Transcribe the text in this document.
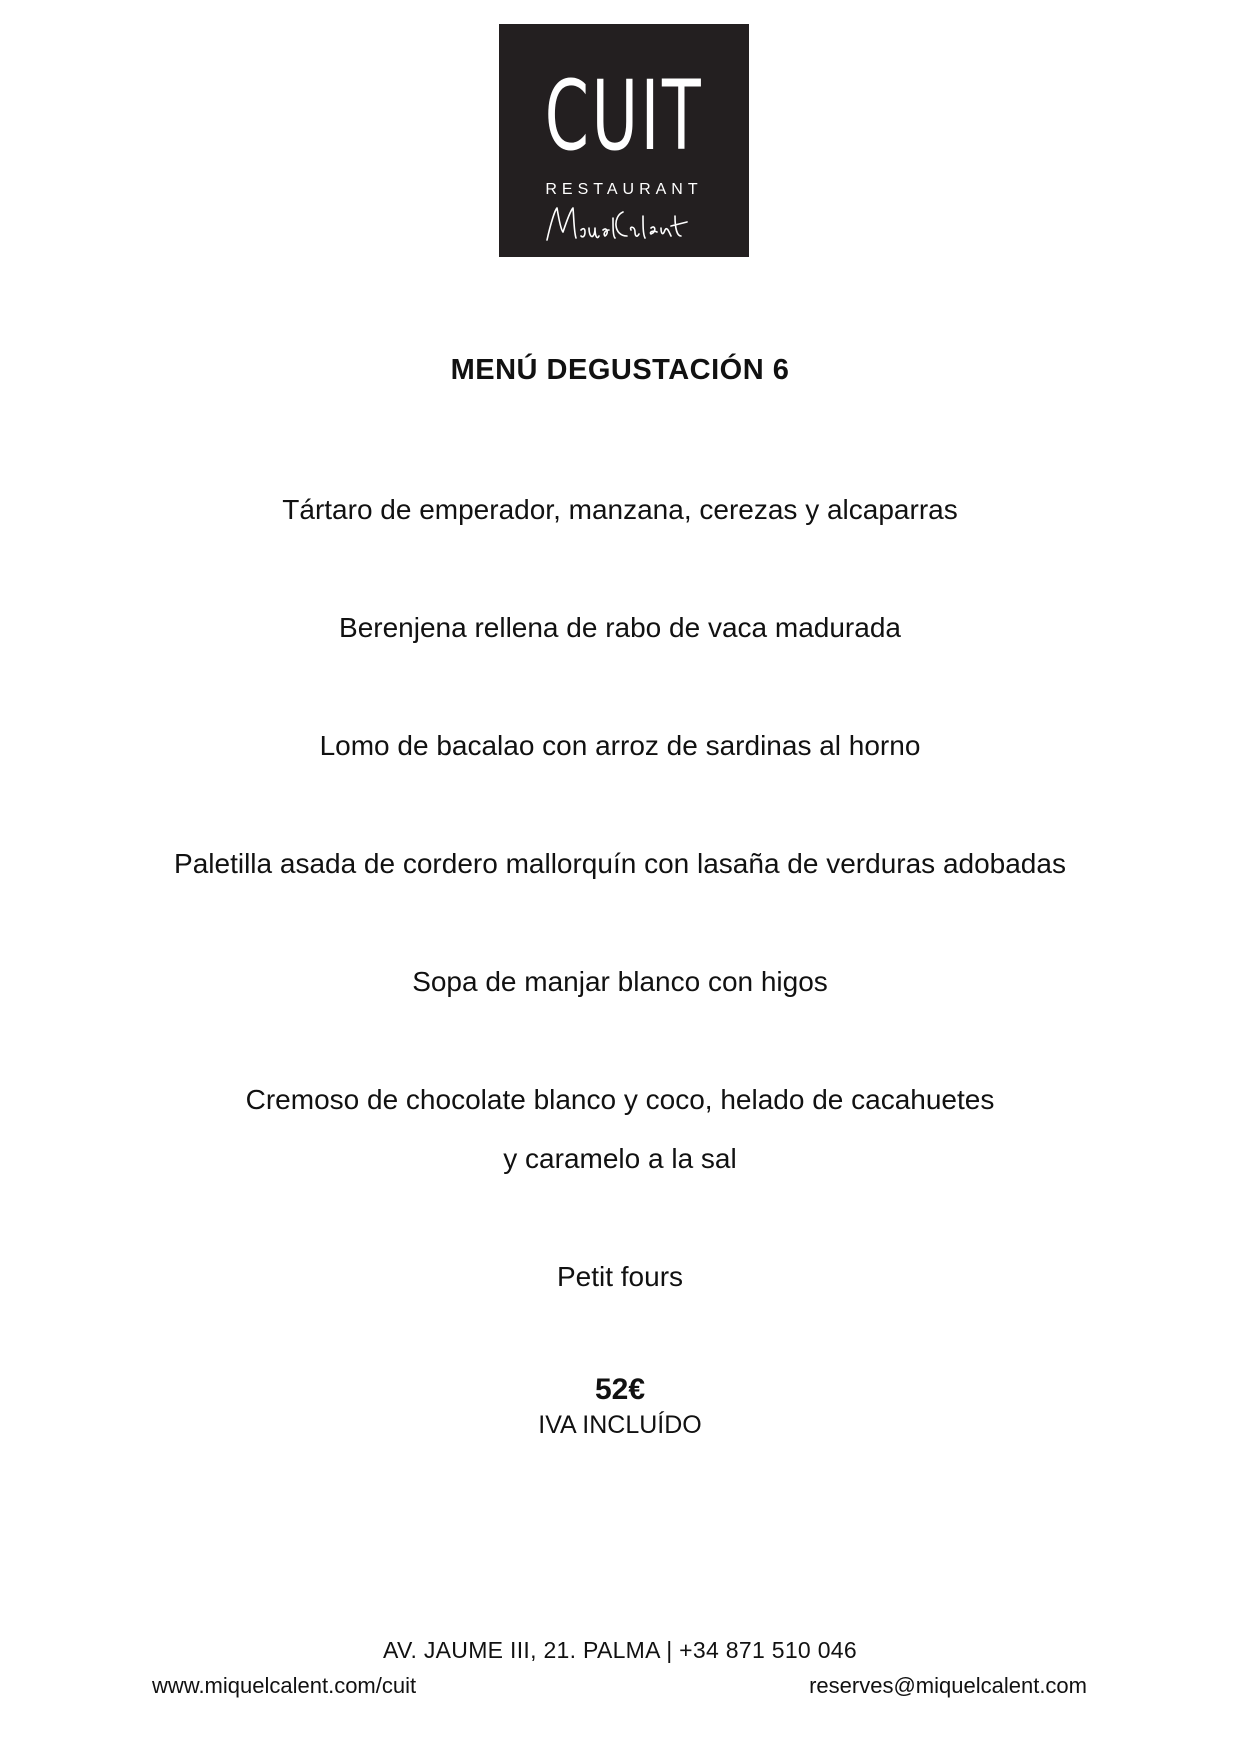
CUIT
RESTAURANT
MENÚ DEGUSTACIÓN 6
Tártaro de emperador, manzana, cerezas y alcaparras
Berenjena rellena de rabo de vaca madurada
Lomo de bacalao con arroz de sardinas al horno
Paletilla asada de cordero mallorquín con lasaña de verduras adobadas
Sopa de manjar blanco con higos
Cremoso de chocolate blanco y coco, helado de cacahuetes
y caramelo a la sal
Petit fours
52€
IVA INCLUÍDO
AV. JAUME III, 21. PALMA | +34 871 510 046
www.miquelcalent.com/cuit	reserves@miquelcalent.com
